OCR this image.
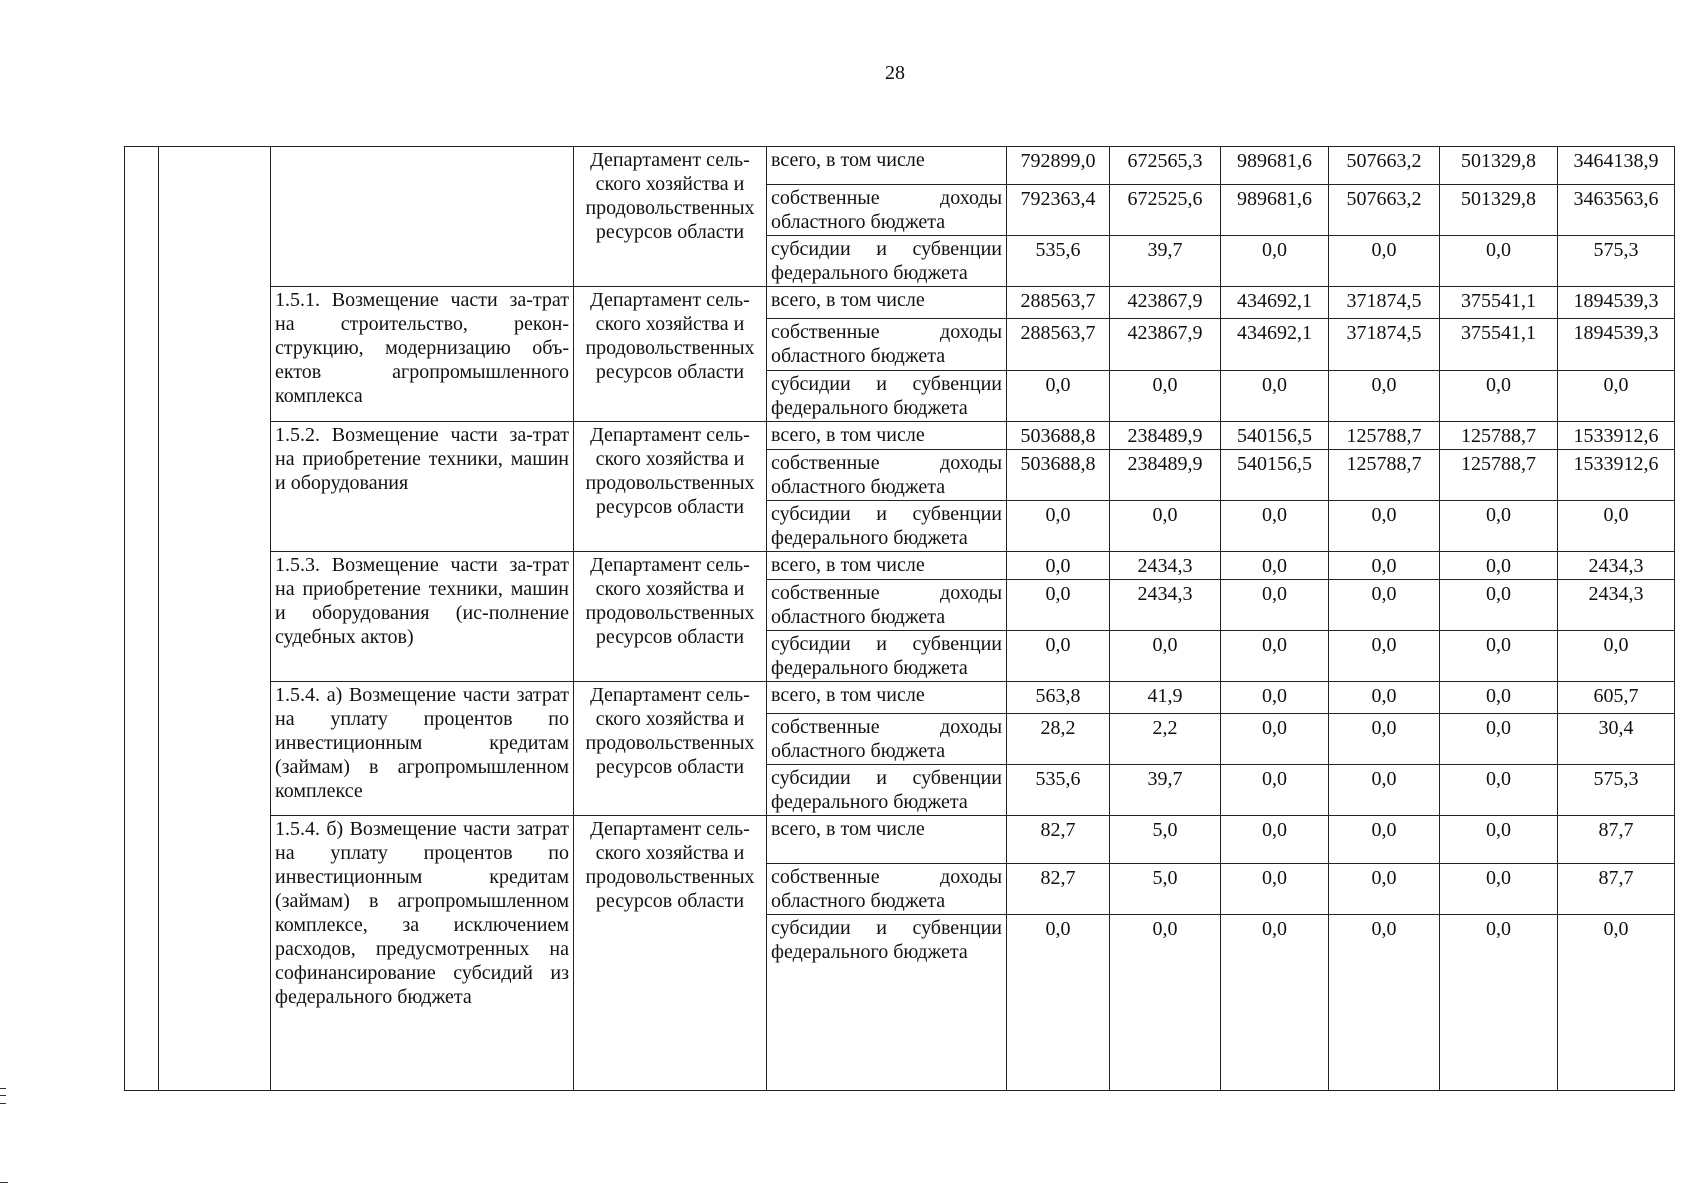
28
			Департамент сель-ского хозяйства и продовольственных ресурсов области	всего, в том числе	792899,0	672565,3	989681,6	507663,2	501329,8	3464138,9
				собственные доходы областного бюджета	792363,4	672525,6	989681,6	507663,2	501329,8	3463563,6
				субсидии и субвенции федерального бюджета	535,6	39,7	0,0	0,0	0,0	575,3
		1.5.1. Возмещение части за-трат на строительство, рекон-струкцию, модернизацию объ-ектов агропромышленного комплекса	Департамент сель-ского хозяйства и продовольственных ресурсов области	всего, в том числе	288563,7	423867,9	434692,1	371874,5	375541,1	1894539,3
				собственные доходы областного бюджета	288563,7	423867,9	434692,1	371874,5	375541,1	1894539,3
				субсидии и субвенции федерального бюджета	0,0	0,0	0,0	0,0	0,0	0,0
		1.5.2. Возмещение части за-трат на приобретение техники, машин и оборудования	Департамент сель-ского хозяйства и продовольственных ресурсов области	всего, в том числе	503688,8	238489,9	540156,5	125788,7	125788,7	1533912,6
				собственные доходы областного бюджета	503688,8	238489,9	540156,5	125788,7	125788,7	1533912,6
				субсидии и субвенции федерального бюджета	0,0	0,0	0,0	0,0	0,0	0,0
		1.5.3. Возмещение части за-трат на приобретение техники, машин и оборудования (ис-полнение судебных актов)	Департамент сель-ского хозяйства и продовольственных ресурсов области	всего, в том числе	0,0	2434,3	0,0	0,0	0,0	2434,3
				собственные доходы областного бюджета	0,0	2434,3	0,0	0,0	0,0	2434,3
				субсидии и субвенции федерального бюджета	0,0	0,0	0,0	0,0	0,0	0,0
		1.5.4. а) Возмещение части затрат на уплату процентов по инвестиционным кредитам (займам) в агропромышленном комплексе	Департамент сель-ского хозяйства и продовольственных ресурсов области	всего, в том числе	563,8	41,9	0,0	0,0	0,0	605,7
				собственные доходы областного бюджета	28,2	2,2	0,0	0,0	0,0	30,4
				субсидии и субвенции федерального бюджета	535,6	39,7	0,0	0,0	0,0	575,3
		1.5.4. б) Возмещение части затрат на уплату процентов по инвестиционным кредитам (займам) в агропромышленном комплексе, за исключением расходов, предусмотренных на софинансирование субсидий из федерального бюджета	Департамент сель-ского хозяйства и продовольственных ресурсов области	всего, в том числе	82,7	5,0	0,0	0,0	0,0	87,7
				собственные доходы областного бюджета	82,7	5,0	0,0	0,0	0,0	87,7
				субсидии и субвенции федерального бюджета	0,0	0,0	0,0	0,0	0,0	0,0
